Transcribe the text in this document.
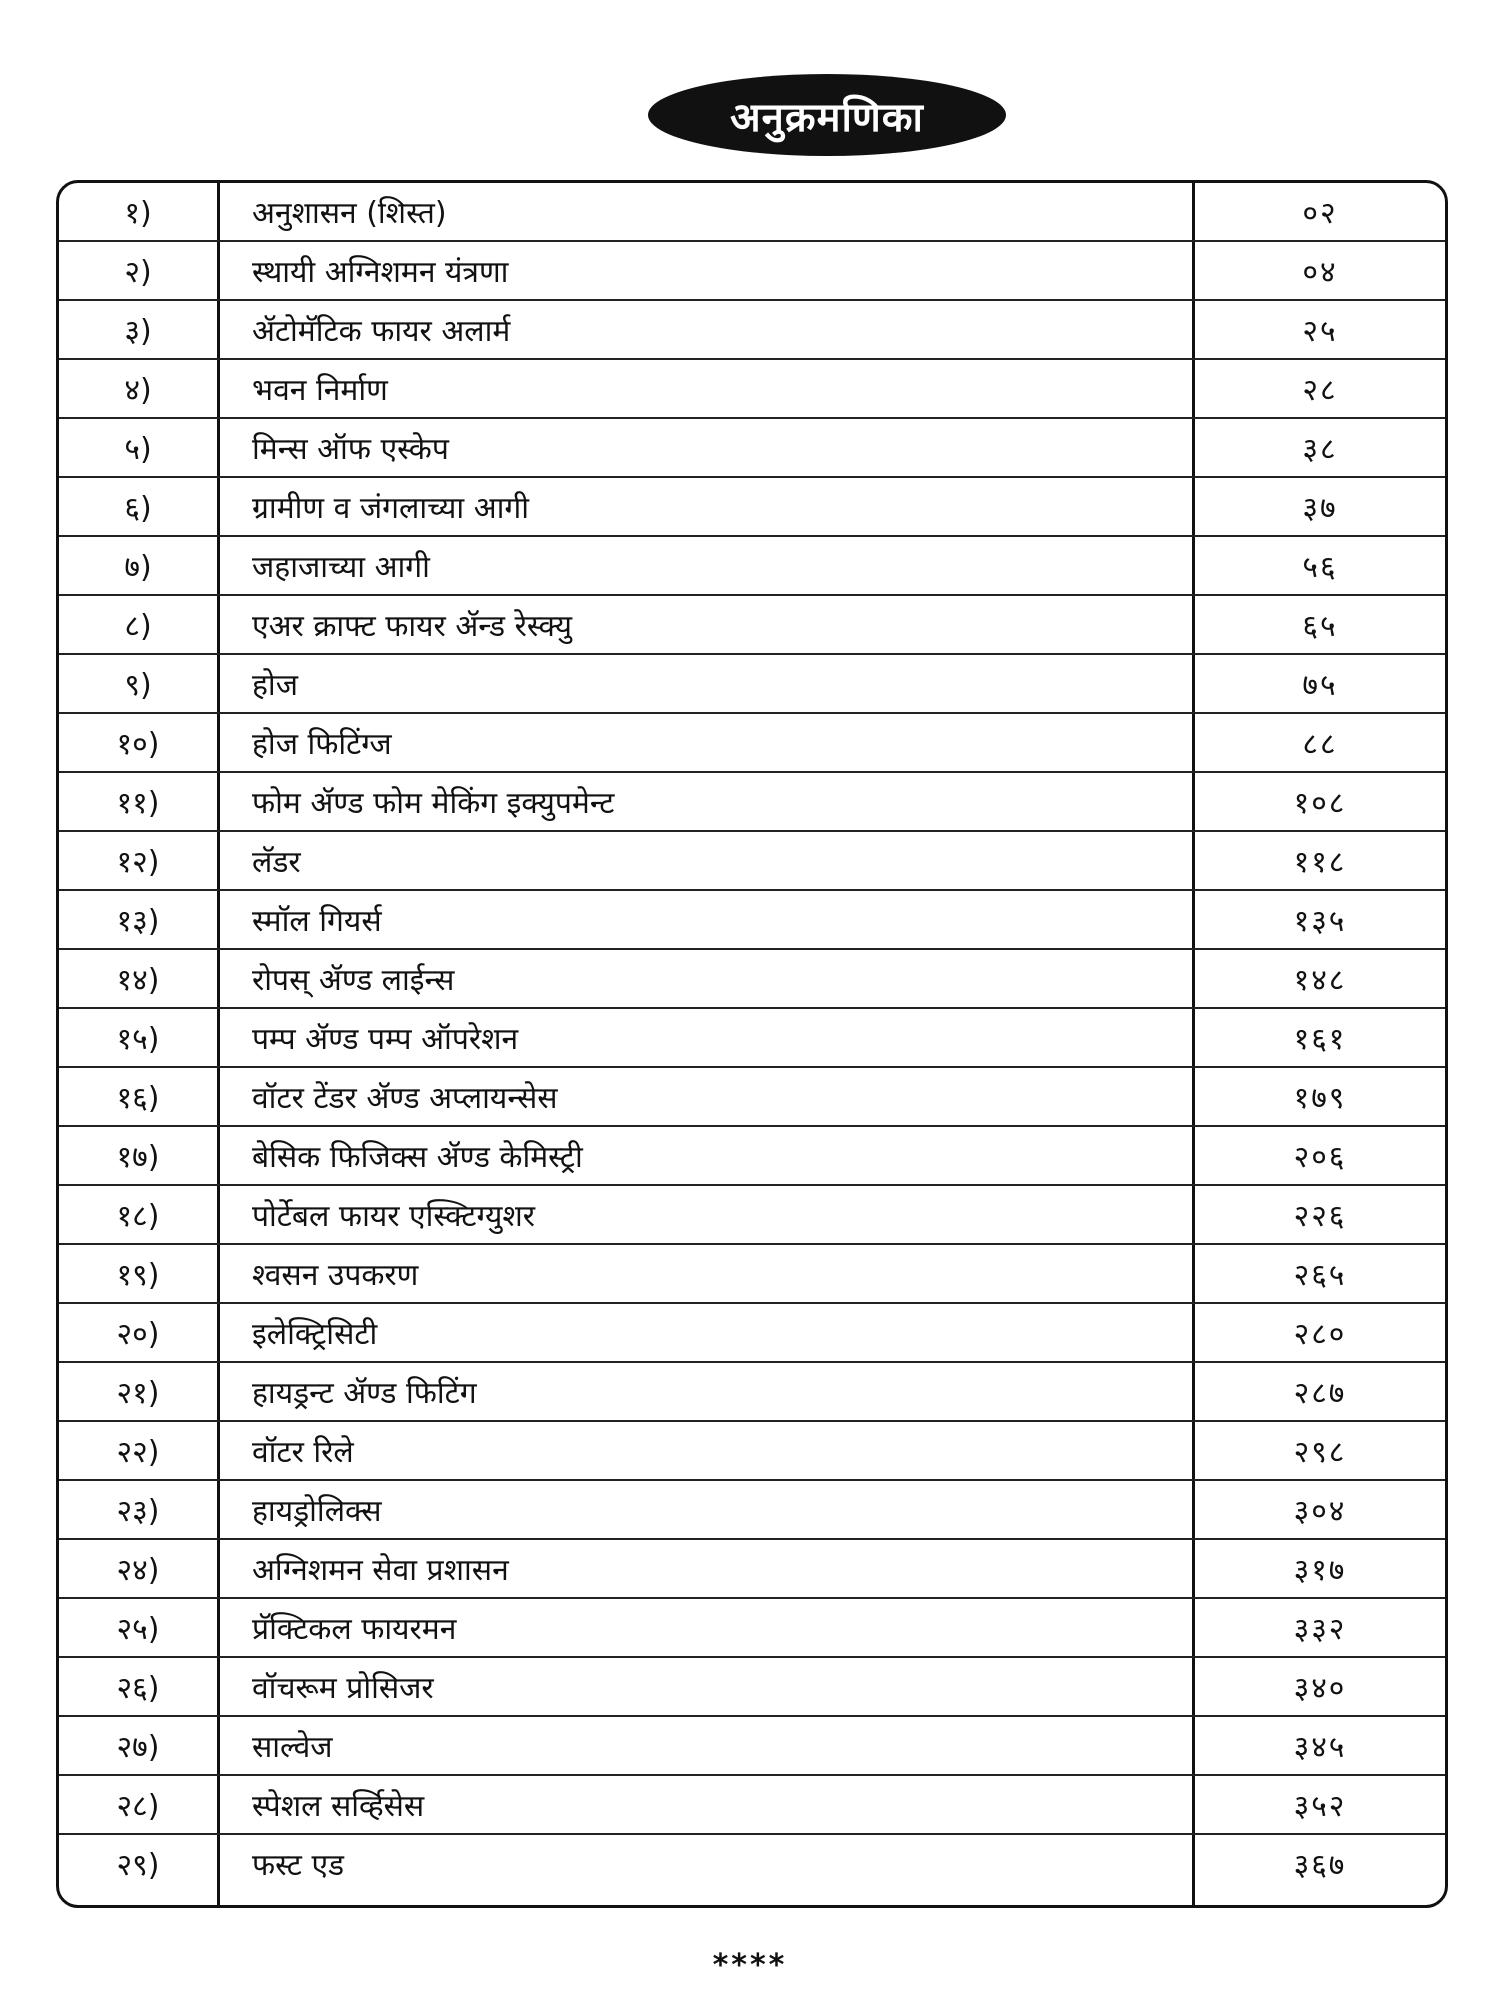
अनुक्रमणिका
१)	अनुशासन (शिस्त)	०२
२)	स्थायी अग्निशमन यंत्रणा	०४
३)	ॲटोमॅटिक फायर अलार्म	२५
४)	भवन निर्माण	२८
५)	मिन्स ऑफ एस्केप	३८
६)	ग्रामीण व जंगलाच्या आगी	३७
७)	जहाजाच्या आगी	५६
८)	एअर क्राफ्ट फायर ॲन्ड रेस्क्यु	६५
९)	होज	७५
१०)	होज फिटिंग्ज	८८
११)	फोम ॲण्ड फोम मेकिंग इक्युपमेन्ट	१०८
१२)	लॅडर	११८
१३)	स्मॉल गियर्स	१३५
१४)	रोपस् ॲण्ड लाईन्स	१४८
१५)	पम्प ॲण्ड पम्प ऑपरेशन	१६१
१६)	वॉटर टेंडर ॲण्ड अप्लायन्सेस	१७९
१७)	बेसिक फिजिक्स ॲण्ड केमिस्ट्री	२०६
१८)	पोर्टेबल फायर एस्क्टिग्युशर	२२६
१९)	श्वसन उपकरण	२६५
२०)	इलेक्ट्रिसिटी	२८०
२१)	हायड्रन्ट ॲण्ड फिटिंग	२८७
२२)	वॉटर रिले	२९८
२३)	हायड्रोलिक्स	३०४
२४)	अग्निशमन सेवा प्रशासन	३१७
२५)	प्रॅक्टिकल फायरमन	३३२
२६)	वॉचरूम प्रोसिजर	३४०
२७)	साल्वेज	३४५
२८)	स्पेशल सर्व्हिसेस	३५२
२९)	फस्ट एड	३६७
****
